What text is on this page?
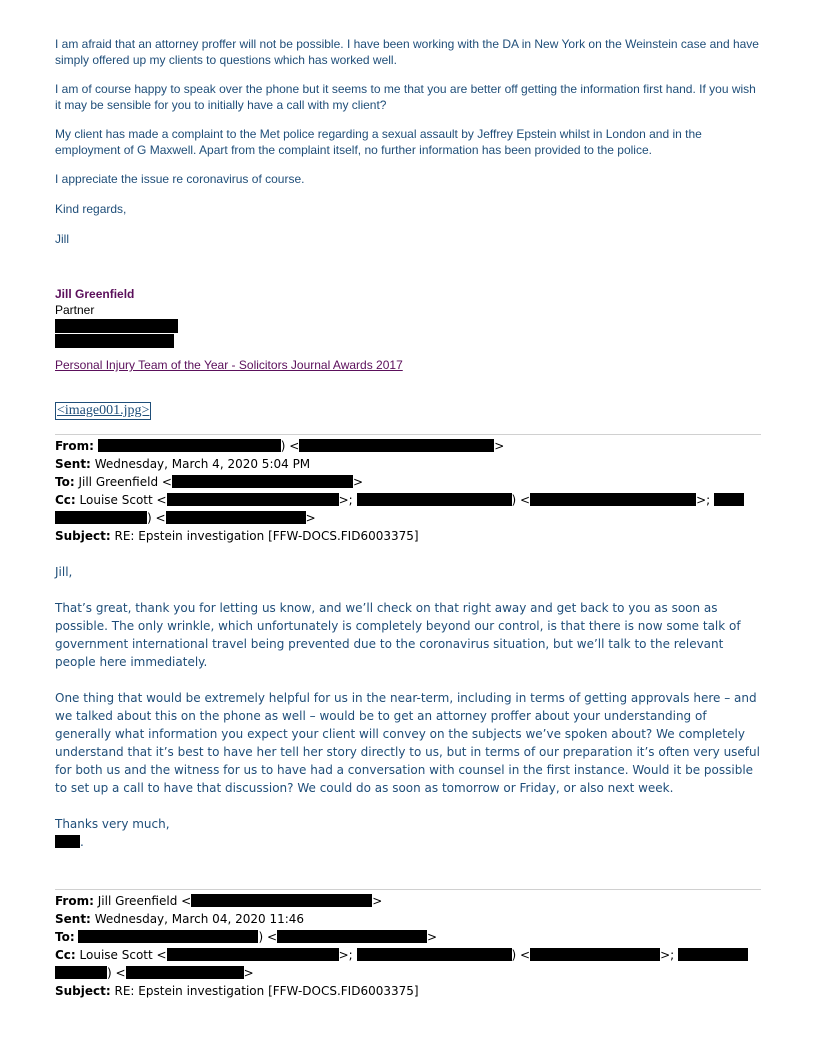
I am afraid that an attorney proffer will not be possible. I have been working with the DA in New York on the Weinstein case and have simply offered up my clients to questions which has worked well.

I am of course happy to speak over the phone but it seems to me that you are better off getting the information first hand. If you wish it may be sensible for you to initially have a call with my client?

My client has made a complaint to the Met police regarding a sexual assault by Jeffrey Epstein whilst in London and in the employment of G Maxwell. Apart from the complaint itself, no further information has been provided to the police.

I appreciate the issue re coronavirus of course.

Kind regards,

Jill

Jill Greenfield

Partner

Personal Injury Team of the Year - Solicitors Journal Awards 2017

<image001.jpg>

From:	) <	>

Sent: Wednesday, March 4, 2020 5:04 PM

To: Jill Greenfield <	>

Cc: Louise Scott <	>;	) <	>;

) <	>

Subject: RE: Epstein investigation [FFW-DOCS.FID6003375]

Jill,

That’s great, thank you for letting us know, and we’ll check on that right away and get back to you as soon as possible. The only wrinkle, which unfortunately is completely beyond our control, is that there is now some talk of government international travel being prevented due to the coronavirus situation, but we’ll talk to the relevant people here immediately.

One thing that would be extremely helpful for us in the near-term, including in terms of getting approvals here – and we talked about this on the phone as well – would be to get an attorney proffer about your understanding of generally what information you expect your client will convey on the subjects we’ve spoken about? We completely understand that it’s best to have her tell her story directly to us, but in terms of our preparation it’s often very useful for both us and the witness for us to have had a conversation with counsel in the first instance. Would it be possible to set up a call to have that discussion? We could do as soon as tomorrow or Friday, or also next week.

Thanks very much,

.

From: Jill Greenfield <	>

Sent: Wednesday, March 04, 2020 11:46

To:	) <	>

Cc: Louise Scott <	>;	) <	>;

) <	>

Subject: RE: Epstein investigation [FFW-DOCS.FID6003375]
